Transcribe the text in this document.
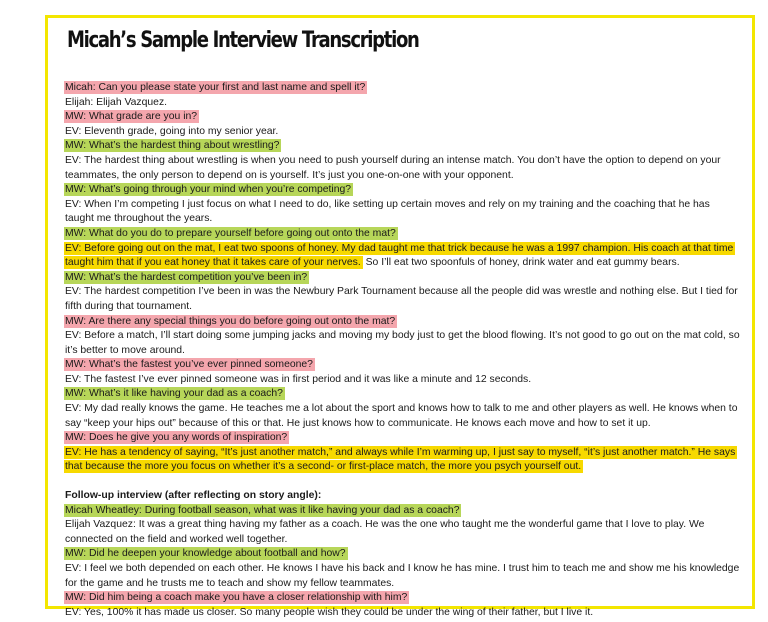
Micah’s Sample Interview Transcription

Micah: Can you please state your first and last name and spell it?

Elijah: Elijah Vazquez.

MW: What grade are you in?

EV: Eleventh grade, going into my senior year.

MW: What’s the hardest thing about wrestling?

EV: The hardest thing about wrestling is when you need to push yourself during an intense match. You don’t have the option to depend on your teammates, the only person to depend on is yourself. It’s just you one-on-one with your opponent.

MW: What’s going through your mind when you’re competing?

EV: When I’m competing I just focus on what I need to do, like setting up certain moves and rely on my training and the coaching that he has taught me throughout the years.

MW: What do you do to prepare yourself before going out onto the mat?

EV: Before going out on the mat, I eat two spoons of honey. My dad taught me that trick because he was a 1997 champion. His coach at that time taught him that if you eat honey that it takes care of your nerves. So I’ll eat two spoonfuls of honey, drink water and eat gummy bears.

MW: What’s the hardest competition you’ve been in?

EV: The hardest competition I’ve been in was the Newbury Park Tournament because all the people did was wrestle and nothing else. But I tied for fifth during that tournament.

MW: Are there any special things you do before going out onto the mat?

EV: Before a match, I’ll start doing some jumping jacks and moving my body just to get the blood flowing. It’s not good to go out on the mat cold, so it’s better to move around.

MW: What’s the fastest you’ve ever pinned someone?

EV: The fastest I’ve ever pinned someone was in first period and it was like a minute and 12 seconds.

MW: What’s it like having your dad as a coach?

EV: My dad really knows the game. He teaches me a lot about the sport and knows how to talk to me and other players as well. He knows when to say “keep your hips out” because of this or that. He just knows how to communicate. He knows each move and how to set it up.

MW: Does he give you any words of inspiration?

EV: He has a tendency of saying, “It’s just another match,” and always while I’m warming up, I just say to myself, “it’s just another match.” He says that because the more you focus on whether it’s a second- or first-place match, the more you psych yourself out.

Follow-up interview (after reflecting on story angle):

Micah Wheatley: During football season, what was it like having your dad as a coach?

Elijah Vazquez: It was a great thing having my father as a coach. He was the one who taught me the wonderful game that I love to play. We connected on the field and worked well together.

MW: Did he deepen your knowledge about football and how?

EV: I feel we both depended on each other. He knows I have his back and I know he has mine. I trust him to teach me and show me his knowledge for the game and he trusts me to teach and show my fellow teammates.

MW: Did him being a coach make you have a closer relationship with him?

EV: Yes, 100% it has made us closer. So many people wish they could be under the wing of their father, but I live it.
